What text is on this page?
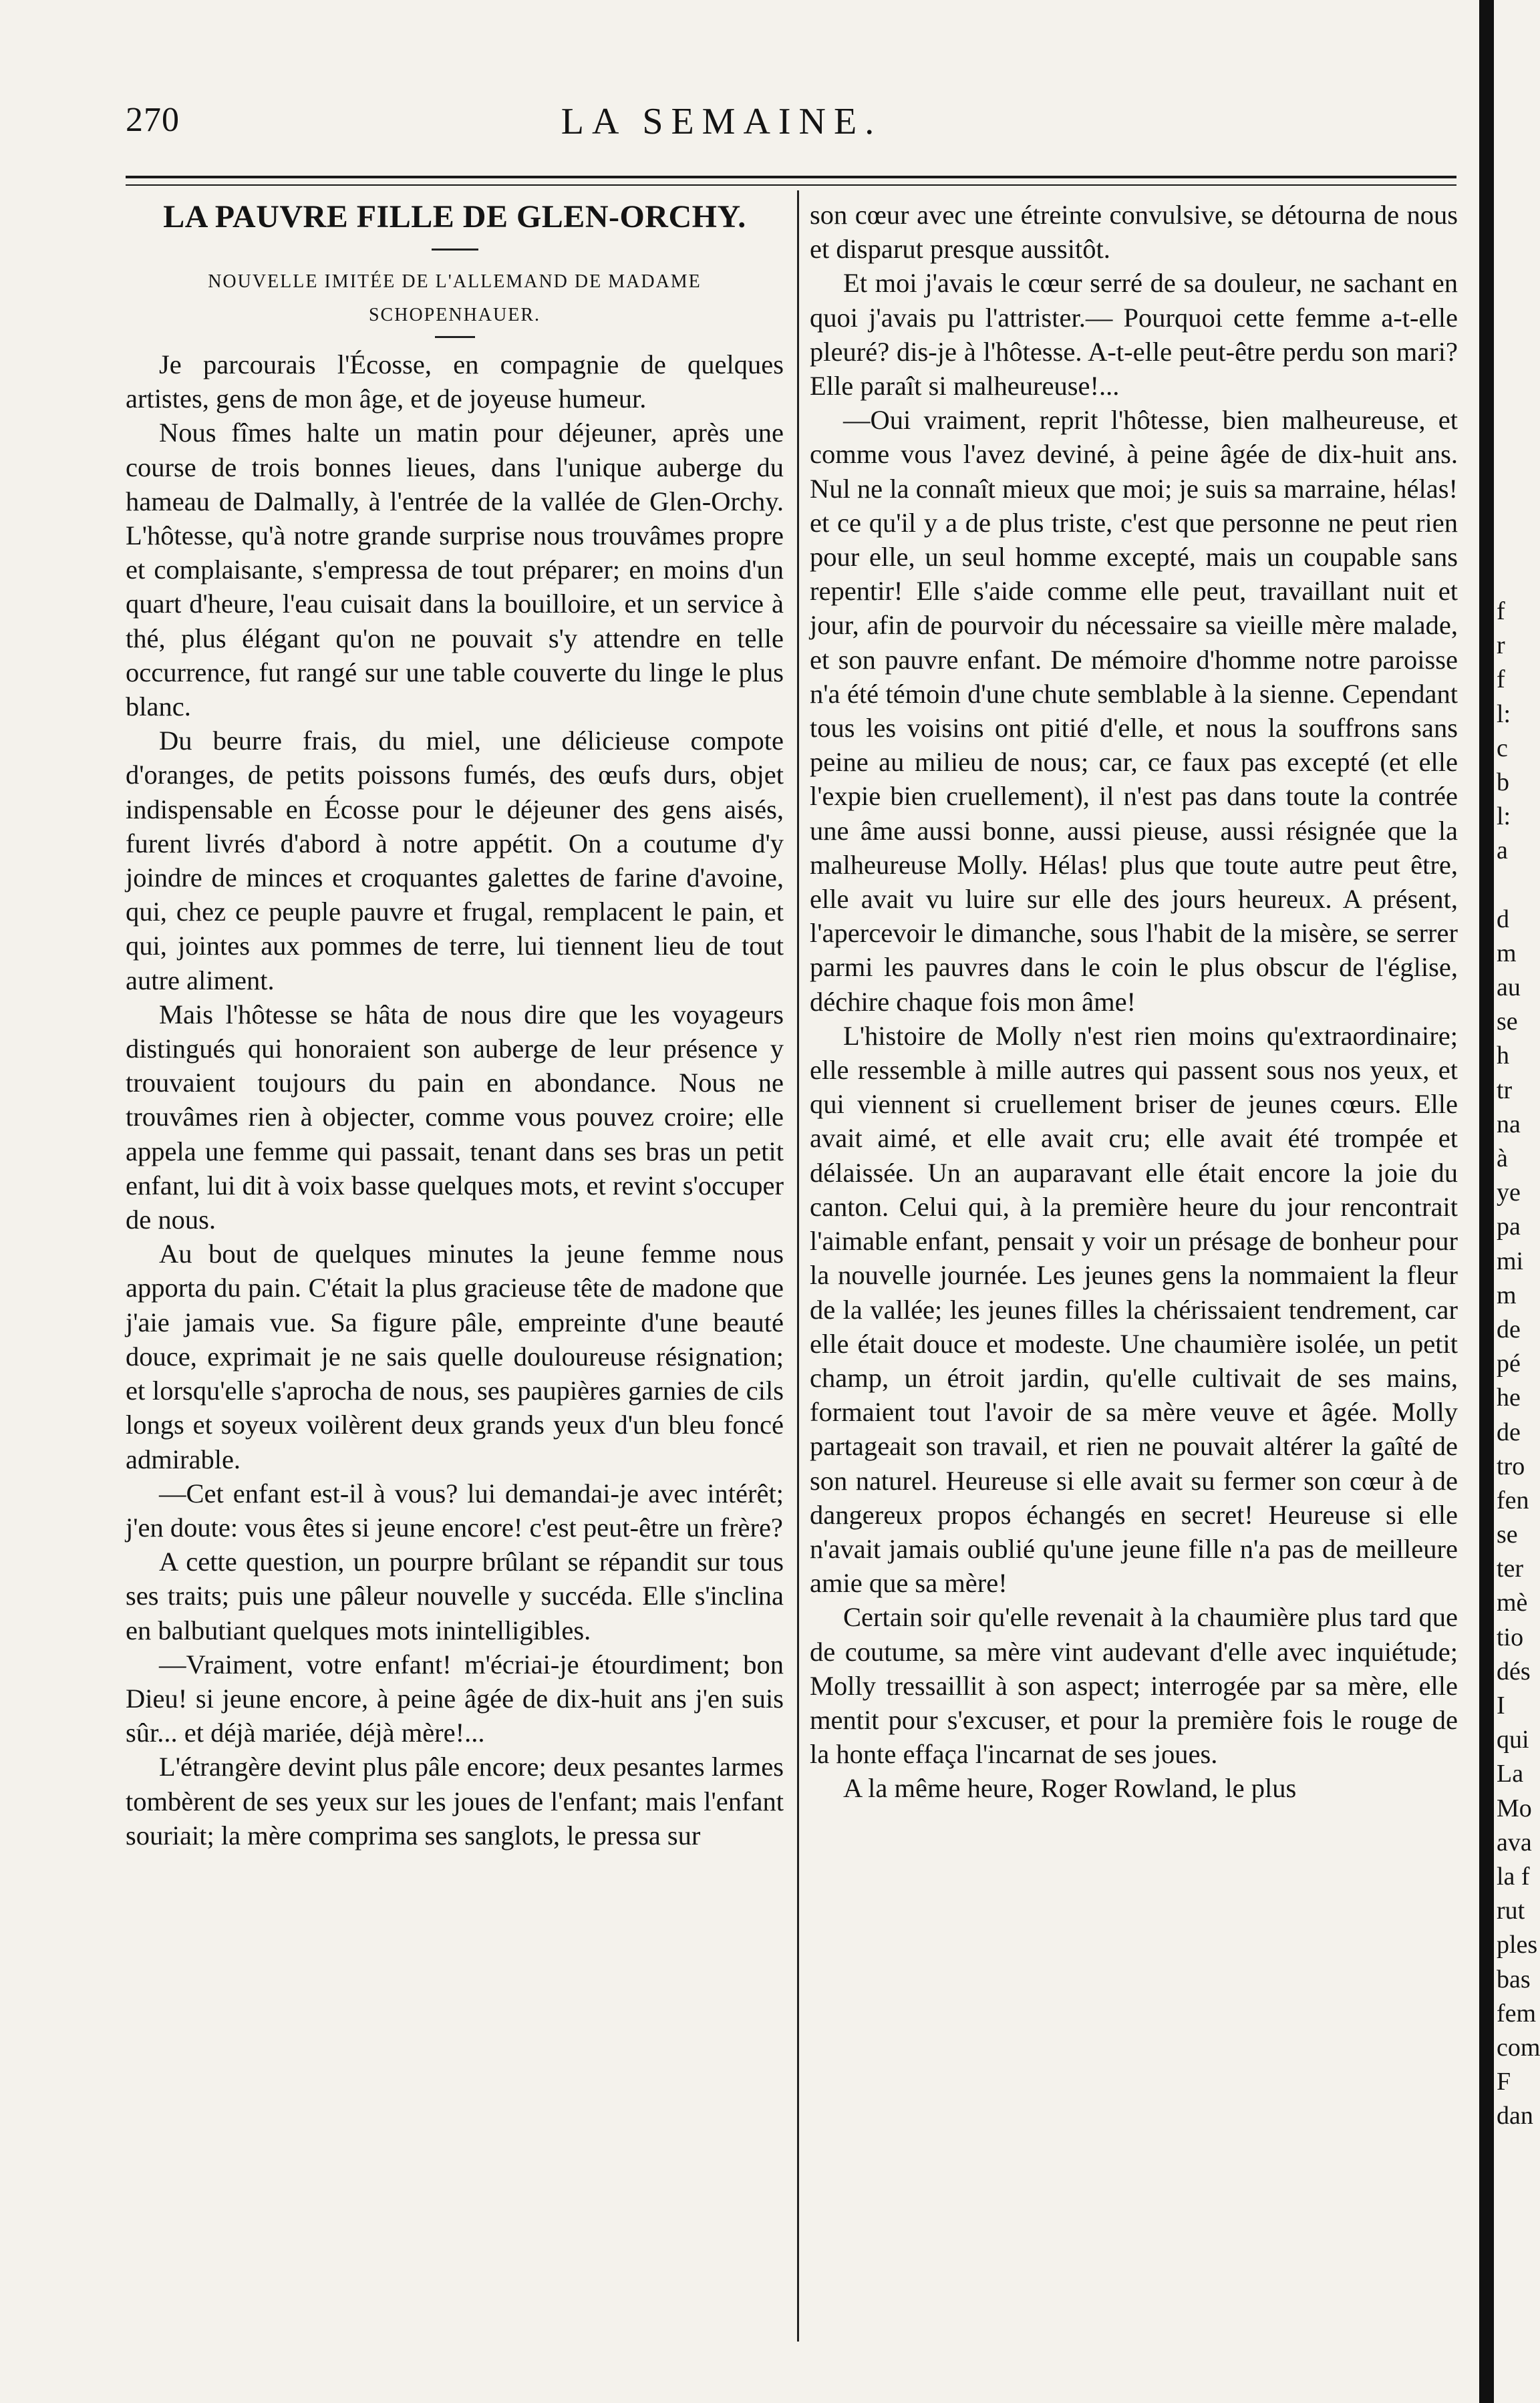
270	LA SEMAINE.
LA PAUVRE FILLE DE GLEN-ORCHY.
NOUVELLE IMITÉE DE L'ALLEMAND DE MADAME
SCHOPENHAUER.

Je parcourais l'Écosse, en compagnie de quelques artistes, gens de mon âge, et de joyeuse humeur.

Nous fîmes halte un matin pour déjeuner, après une course de trois bonnes lieues, dans l'unique auberge du hameau de Dalmally, à l'entrée de la vallée de Glen-Orchy. L'hôtesse, qu'à notre grande surprise nous trouvâmes propre et complaisante, s'empressa de tout préparer; en moins d'un quart d'heure, l'eau cuisait dans la bouilloire, et un service à thé, plus élégant qu'on ne pouvait s'y attendre en telle occurrence, fut rangé sur une table couverte du linge le plus blanc.

Du beurre frais, du miel, une délicieuse compote d'oranges, de petits poissons fumés, des œufs durs, objet indispensable en Écosse pour le déjeuner des gens aisés, furent livrés d'abord à notre appétit. On a coutume d'y joindre de minces et croquantes galettes de farine d'avoine, qui, chez ce peuple pauvre et frugal, remplacent le pain, et qui, jointes aux pommes de terre, lui tiennent lieu de tout autre aliment.

Mais l'hôtesse se hâta de nous dire que les voyageurs distingués qui honoraient son auberge de leur présence y trouvaient toujours du pain en abondance. Nous ne trouvâmes rien à objecter, comme vous pouvez croire; elle appela une femme qui passait, tenant dans ses bras un petit enfant, lui dit à voix basse quelques mots, et revint s'occuper de nous.

Au bout de quelques minutes la jeune femme nous apporta du pain. C'était la plus gracieuse tête de madone que j'aie jamais vue. Sa figure pâle, empreinte d'une beauté douce, exprimait je ne sais quelle douloureuse résignation; et lorsqu'elle s'aprocha de nous, ses paupières garnies de cils longs et soyeux voilèrent deux grands yeux d'un bleu foncé admirable.

—Cet enfant est-il à vous? lui demandai-je avec intérêt; j'en doute: vous êtes si jeune encore! c'est peut-être un frère?

A cette question, un pourpre brûlant se répandit sur tous ses traits; puis une pâleur nouvelle y succéda. Elle s'inclina en balbutiant quelques mots inintelligibles.

—Vraiment, votre enfant! m'écriai-je étourdiment; bon Dieu! si jeune encore, à peine âgée de dix-huit ans j'en suis sûr... et déjà mariée, déjà mère!...

L'étrangère devint plus pâle encore; deux pesantes larmes tombèrent de ses yeux sur les joues de l'enfant; mais l'enfant souriait; la mère comprima ses sanglots, le pressa sur

son cœur avec une étreinte convulsive, se détourna de nous et disparut presque aussitôt.

Et moi j'avais le cœur serré de sa douleur, ne sachant en quoi j'avais pu l'attrister.— Pourquoi cette femme a-t-elle pleuré? dis-je à l'hôtesse. A-t-elle peut-être perdu son mari? Elle paraît si malheureuse!...

—Oui vraiment, reprit l'hôtesse, bien malheureuse, et comme vous l'avez deviné, à peine âgée de dix-huit ans. Nul ne la connaît mieux que moi; je suis sa marraine, hélas! et ce qu'il y a de plus triste, c'est que personne ne peut rien pour elle, un seul homme excepté, mais un coupable sans repentir! Elle s'aide comme elle peut, travaillant nuit et jour, afin de pourvoir du nécessaire sa vieille mère malade, et son pauvre enfant. De mémoire d'homme notre paroisse n'a été témoin d'une chute semblable à la sienne. Cependant tous les voisins ont pitié d'elle, et nous la souffrons sans peine au milieu de nous; car, ce faux pas excepté (et elle l'expie bien cruellement), il n'est pas dans toute la contrée une âme aussi bonne, aussi pieuse, aussi résignée que la malheureuse Molly. Hélas! plus que toute autre peut être, elle avait vu luire sur elle des jours heureux. A présent, l'apercevoir le dimanche, sous l'habit de la misère, se serrer parmi les pauvres dans le coin le plus obscur de l'église, déchire chaque fois mon âme!

L'histoire de Molly n'est rien moins qu'extraordinaire; elle ressemble à mille autres qui passent sous nos yeux, et qui viennent si cruellement briser de jeunes cœurs. Elle avait aimé, et elle avait cru; elle avait été trompée et délaissée. Un an auparavant elle était encore la joie du canton. Celui qui, à la première heure du jour rencontrait l'aimable enfant, pensait y voir un présage de bonheur pour la nouvelle journée. Les jeunes gens la nommaient la fleur de la vallée; les jeunes filles la chérissaient tendrement, car elle était douce et modeste. Une chaumière isolée, un petit champ, un étroit jardin, qu'elle cultivait de ses mains, formaient tout l'avoir de sa mère veuve et âgée. Molly partageait son travail, et rien ne pouvait altérer la gaîté de son naturel. Heureuse si elle avait su fermer son cœur à de dangereux propos échangés en secret! Heureuse si elle n'avait jamais oublié qu'une jeune fille n'a pas de meilleure amie que sa mère!

Certain soir qu'elle revenait à la chaumière plus tard que de coutume, sa mère vint audevant d'elle avec inquiétude; Molly tressaillit à son aspect; interrogée par sa mère, elle mentit pour s'excuser, et pour la première fois le rouge de la honte effaça l'incarnat de ses joues.

A la même heure, Roger Rowland, le plus

f
r
f
l:
c
b
l:
a
d
m
au
se
h
tr
na
à
ye
pa
mi
m
de
pé
he
de
tro
fen
se
ter
mè
tio
dés
I
qui
La
Mo
ava
la f
rut
ples
bas
fem
com
F
dan
